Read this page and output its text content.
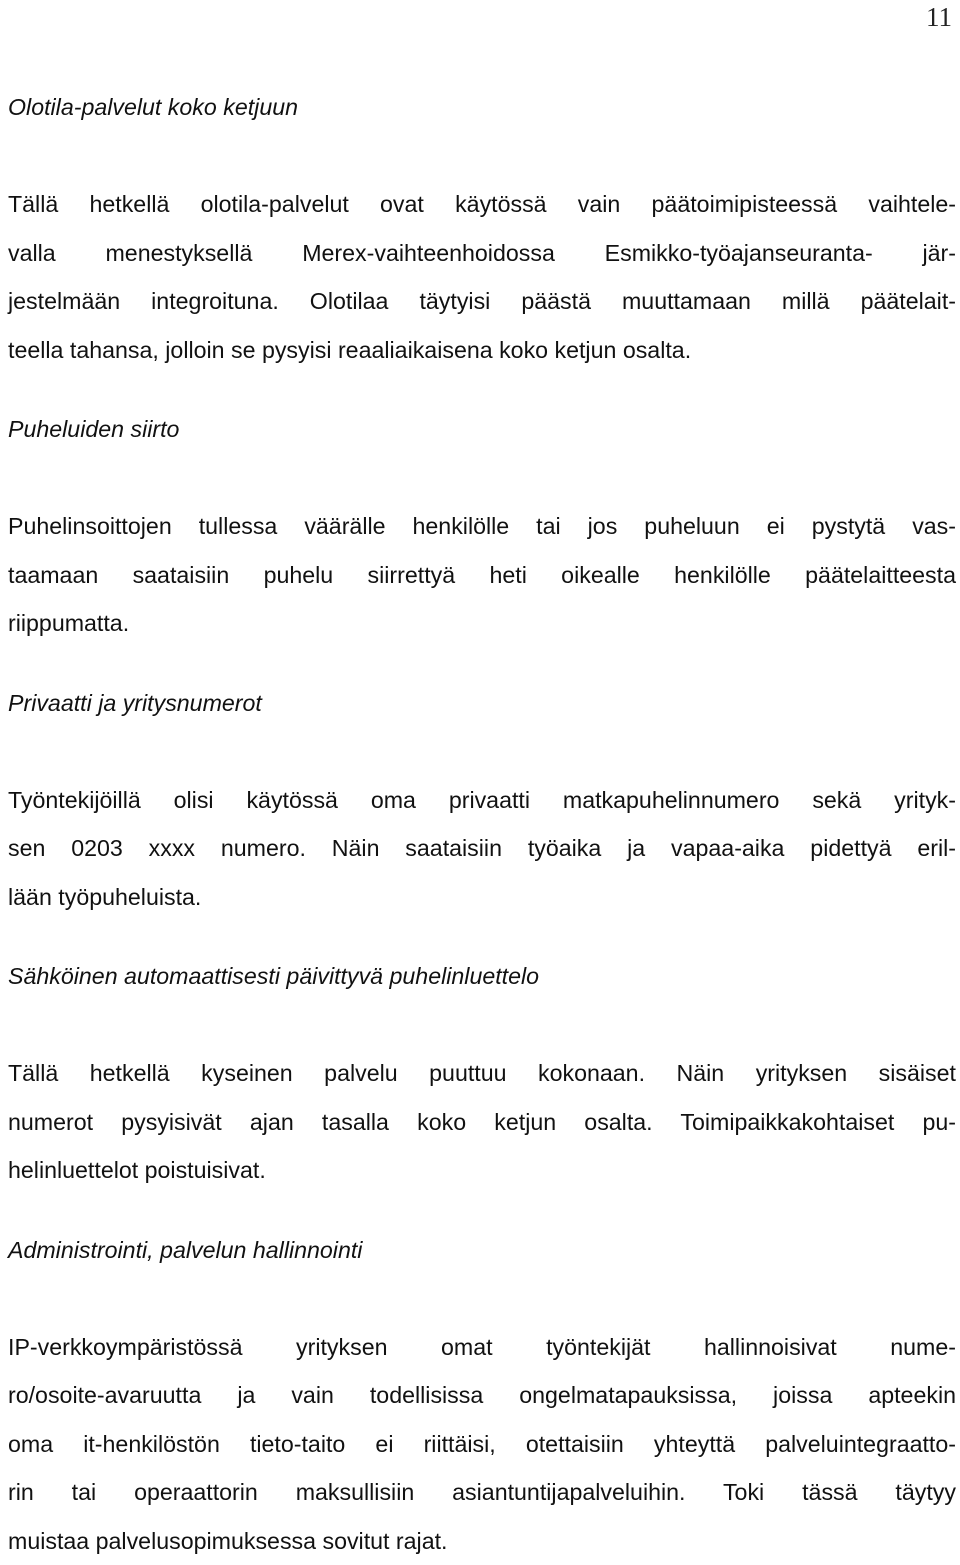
11
Olotila-palvelut koko ketjuun
Tällä hetkellä olotila-palvelut ovat käytössä vain päätoimipisteessä vaihtele-
valla menestyksellä Merex-vaihteenhoidossa Esmikko-työajanseuranta- jär-
jestelmään integroituna. Olotilaa täytyisi päästä muuttamaan millä päätelait-
teella tahansa, jolloin se pysyisi reaaliaikaisena koko ketjun osalta.
Puheluiden siirto
Puhelinsoittojen tullessa väärälle henkilölle tai jos puheluun ei pystytä vas-
taamaan saataisiin puhelu siirrettyä heti oikealle henkilölle päätelaitteesta
riippumatta.
Privaatti ja yritysnumerot
Työntekijöillä olisi käytössä oma privaatti matkapuhelinnumero sekä yrityk-
sen 0203 xxxx numero. Näin saataisiin työaika ja vapaa-aika pidettyä eril-
lään työpuheluista.
Sähköinen automaattisesti päivittyvä puhelinluettelo
Tällä hetkellä kyseinen palvelu puuttuu kokonaan. Näin yrityksen sisäiset
numerot pysyisivät ajan tasalla koko ketjun osalta. Toimipaikkakohtaiset pu-
helinluettelot poistuisivat.
Administrointi, palvelun hallinnointi
IP-verkkoympäristössä yrityksen omat työntekijät hallinnoisivat nume-
ro/osoite-avaruutta ja vain todellisissa ongelmatapauksissa, joissa apteekin
oma it-henkilöstön tieto-taito ei riittäisi, otettaisiin yhteyttä palveluintegraatto-
rin tai operaattorin maksullisiin asiantuntijapalveluihin. Toki tässä täytyy
muistaa palvelusopimuksessa sovitut rajat.
